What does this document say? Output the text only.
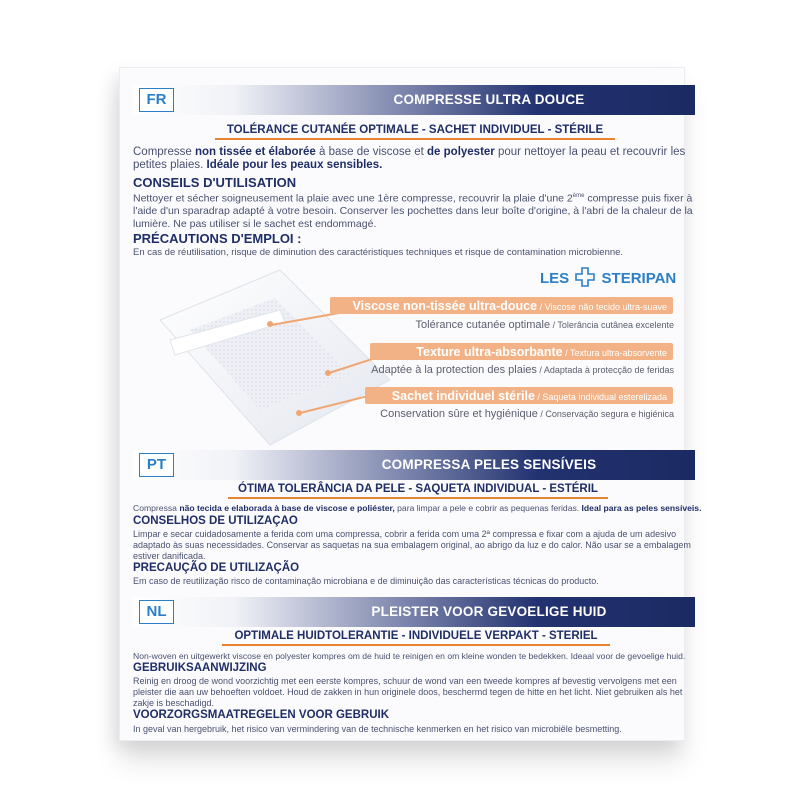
FR	COMPRESSE ULTRA DOUCE
TOLÉRANCE CUTANÉE OPTIMALE - SACHET INDIVIDUEL - STÉRILE
Compresse non tissée et élaborée à base de viscose et de polyester pour nettoyer la peau et recouvrir les petites plaies. Idéale pour les peaux sensibles.
CONSEILS D'UTILISATION
Nettoyer et sécher soigneusement la plaie avec une 1ère compresse, recouvrir la plaie d'une 2ème compresse puis fixer à l'aide d'un sparadrap adapté à votre besoin. Conserver les pochettes dans leur boîte d'origine, à l'abri de la chaleur de la lumière. Ne pas utiliser si le sachet est endommagé.
PRÉCAUTIONS D'EMPLOI :
En cas de réutilisation, risque de diminution des caractéristiques techniques et risque de contamination microbienne.
LES STERIPAN
Viscose non-tissée ultra-douce / Viscose não tecido ultra-suave
Tolérance cutanée optimale / Tolerância cutânea excelente
Texture ultra-absorbante / Textura ultra-absorvente
Adaptée à la protection des plaies / Adaptada à protecção de feridas
Sachet individuel stérile / Saqueta individual esterelizada
Conservation sûre et hygiénique / Conservação segura e higiénica
PT	COMPRESSA PELES SENSÍVEIS
ÓTIMA TOLERÂNCIA DA PELE - SAQUETA INDIVIDUAL - ESTÉRIL
Compressa não tecida e elaborada à base de viscose e poliéster, para limpar a pele e cobrir as pequenas feridas. Ideal para as peles sensíveis.
CONSELHOS DE UTILIZAÇAO
Limpar e secar cuidadosamente a ferida com uma compressa, cobrir a ferida com uma 2ª compressa e fixar com a ajuda de um adesivo adaptado às suas necessidades. Conservar as saquetas na sua embalagem original, ao abrigo da luz e do calor. Não usar se a embalagem estiver danificada.
PRECAUÇÃO DE UTILIZAÇÃO
Em caso de reutilização risco de contaminação microbiana e de diminuição das características técnicas do producto.
NL	PLEISTER VOOR GEVOELIGE HUID
OPTIMALE HUIDTOLERANTIE - INDIVIDUELE VERPAKT - STERIEL
Non-woven en uitgewerkt viscose en polyester kompres om de huid te reinigen en om kleine wonden te bedekken. Ideaal voor de gevoelige huid.
GEBRUIKSAANWIJZING
Reinig en droog de wond voorzichtig met een eerste kompres, schuur de wond van een tweede kompres af bevestig vervolgens met een pleister die aan uw behoeften voldoet. Houd de zakken in hun originele doos, beschermd tegen de hitte en het licht. Niet gebruiken als het zakje is beschadigd.
VOORZORGSMAATREGELEN VOOR GEBRUIK
In geval van hergebruik, het risico van vermindering van de technische kenmerken en het risico van microbiële besmetting.
